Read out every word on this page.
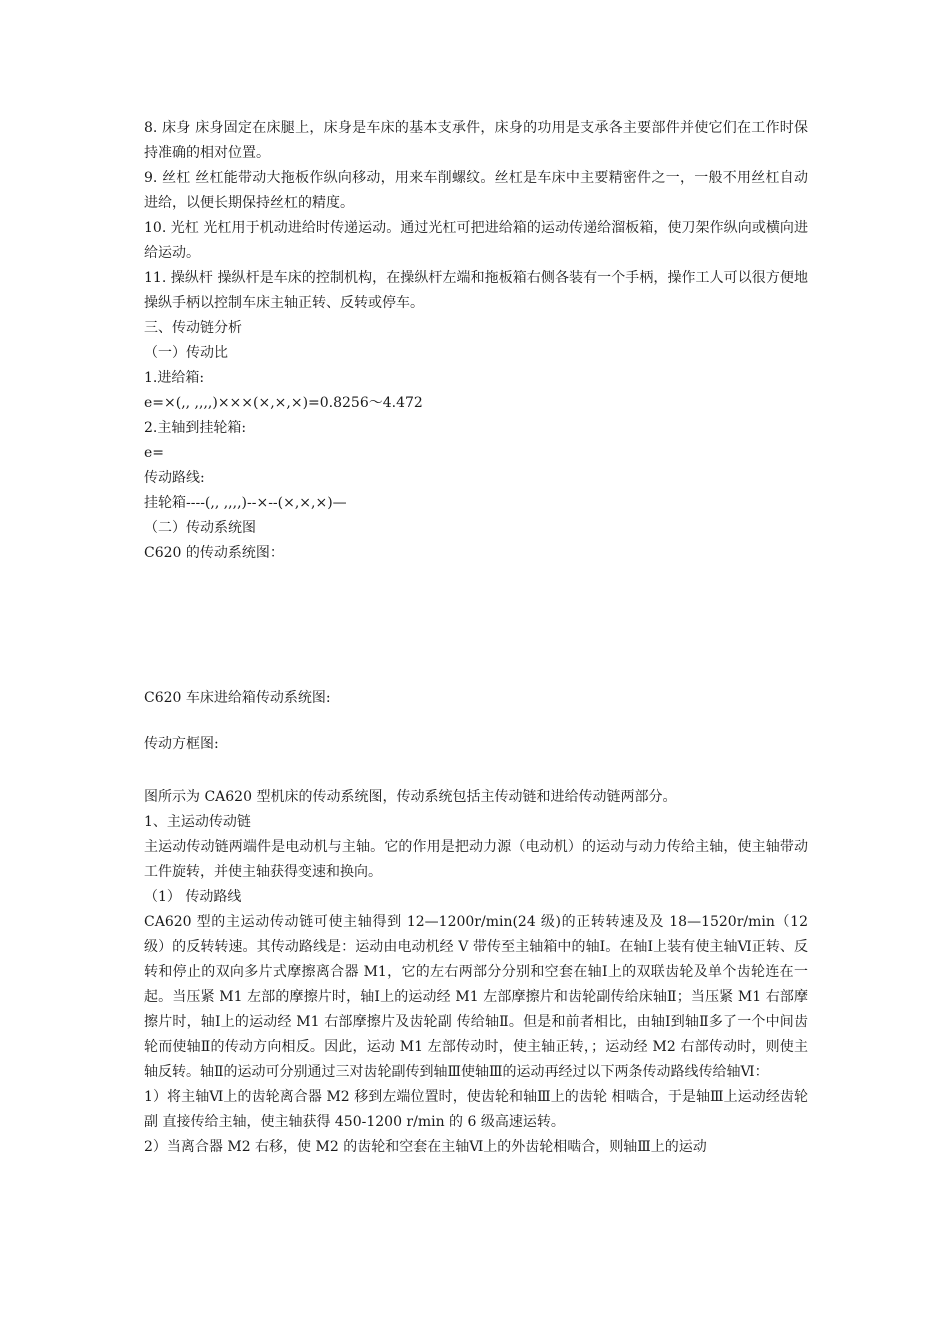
8. 床身 床身固定在床腿上，床身是车床的基本支承件，床身的功用是支承各主要部件并使它们在工作时保持准确的相对位置。

9. 丝杠 丝杠能带动大拖板作纵向移动，用来车削螺纹。丝杠是车床中主要精密件之一，一般不用丝杠自动进给，以便长期保持丝杠的精度。

10. 光杠 光杠用于机动进给时传递运动。通过光杠可把进给箱的运动传递给溜板箱，使刀架作纵向或横向进给运动。

11. 操纵杆 操纵杆是车床的控制机构，在操纵杆左端和拖板箱右侧各装有一个手柄，操作工人可以很方便地操纵手柄以控制车床主轴正转、反转或停车。

三、传动链分析

（一）传动比

1.进给箱:

e=×(,, ,,,,)×××(×,×,×)=0.8256～4.472

2.主轴到挂轮箱:

e=

传动路线:

挂轮箱----(,, ,,,,)--×--(×,×,×)—

（二）传动系统图

C620 的传动系统图：

C620 车床进给箱传动系统图:

传动方框图:

图所示为 CA620 型机床的传动系统图，传动系统包括主传动链和进给传动链两部分。

1、主运动传动链

主运动传动链两端件是电动机与主轴。它的作用是把动力源（电动机）的运动与动力传给主轴，使主轴带动工件旋转，并使主轴获得变速和换向。

（1） 传动路线

CA620 型的主运动传动链可使主轴得到 12—1200r/min(24 级)的正转转速及及 18—1520r/min（12 级）的反转转速。其传动路线是：运动由电动机经 V 带传至主轴箱中的轴Ⅰ。在轴Ⅰ上装有使主轴Ⅵ正转、反转和停止的双向多片式摩擦离合器 M1，它的左右两部分分别和空套在轴Ⅰ上的双联齿轮及单个齿轮连在一起。当压紧 M1 左部的摩擦片时，轴Ⅰ上的运动经 M1 左部摩擦片和齿轮副传给床轴Ⅱ；当压紧 M1 右部摩擦片时，轴Ⅰ上的运动经 M1 右部摩擦片及齿轮副 传给轴Ⅱ。但是和前者相比，由轴Ⅰ到轴Ⅱ多了一个中间齿轮而使轴Ⅱ的传动方向相反。因此，运动 M1 左部传动时，使主轴正转，；运动经 M2 右部传动时，则使主轴反转。轴Ⅱ的运动可分别通过三对齿轮副传到轴Ⅲ使轴Ⅲ的运动再经过以下两条传动路线传给轴Ⅵ：

1）将主轴Ⅵ上的齿轮离合器 M2 移到左端位置时，使齿轮和轴Ⅲ上的齿轮 相啮合，于是轴Ⅲ上运动经齿轮副 直接传给主轴，使主轴获得 450-1200 r/min 的 6 级高速运转。

2）当离合器 M2 右移，使 M2 的齿轮和空套在主轴Ⅵ上的外齿轮相啮合，则轴Ⅲ上的运动
